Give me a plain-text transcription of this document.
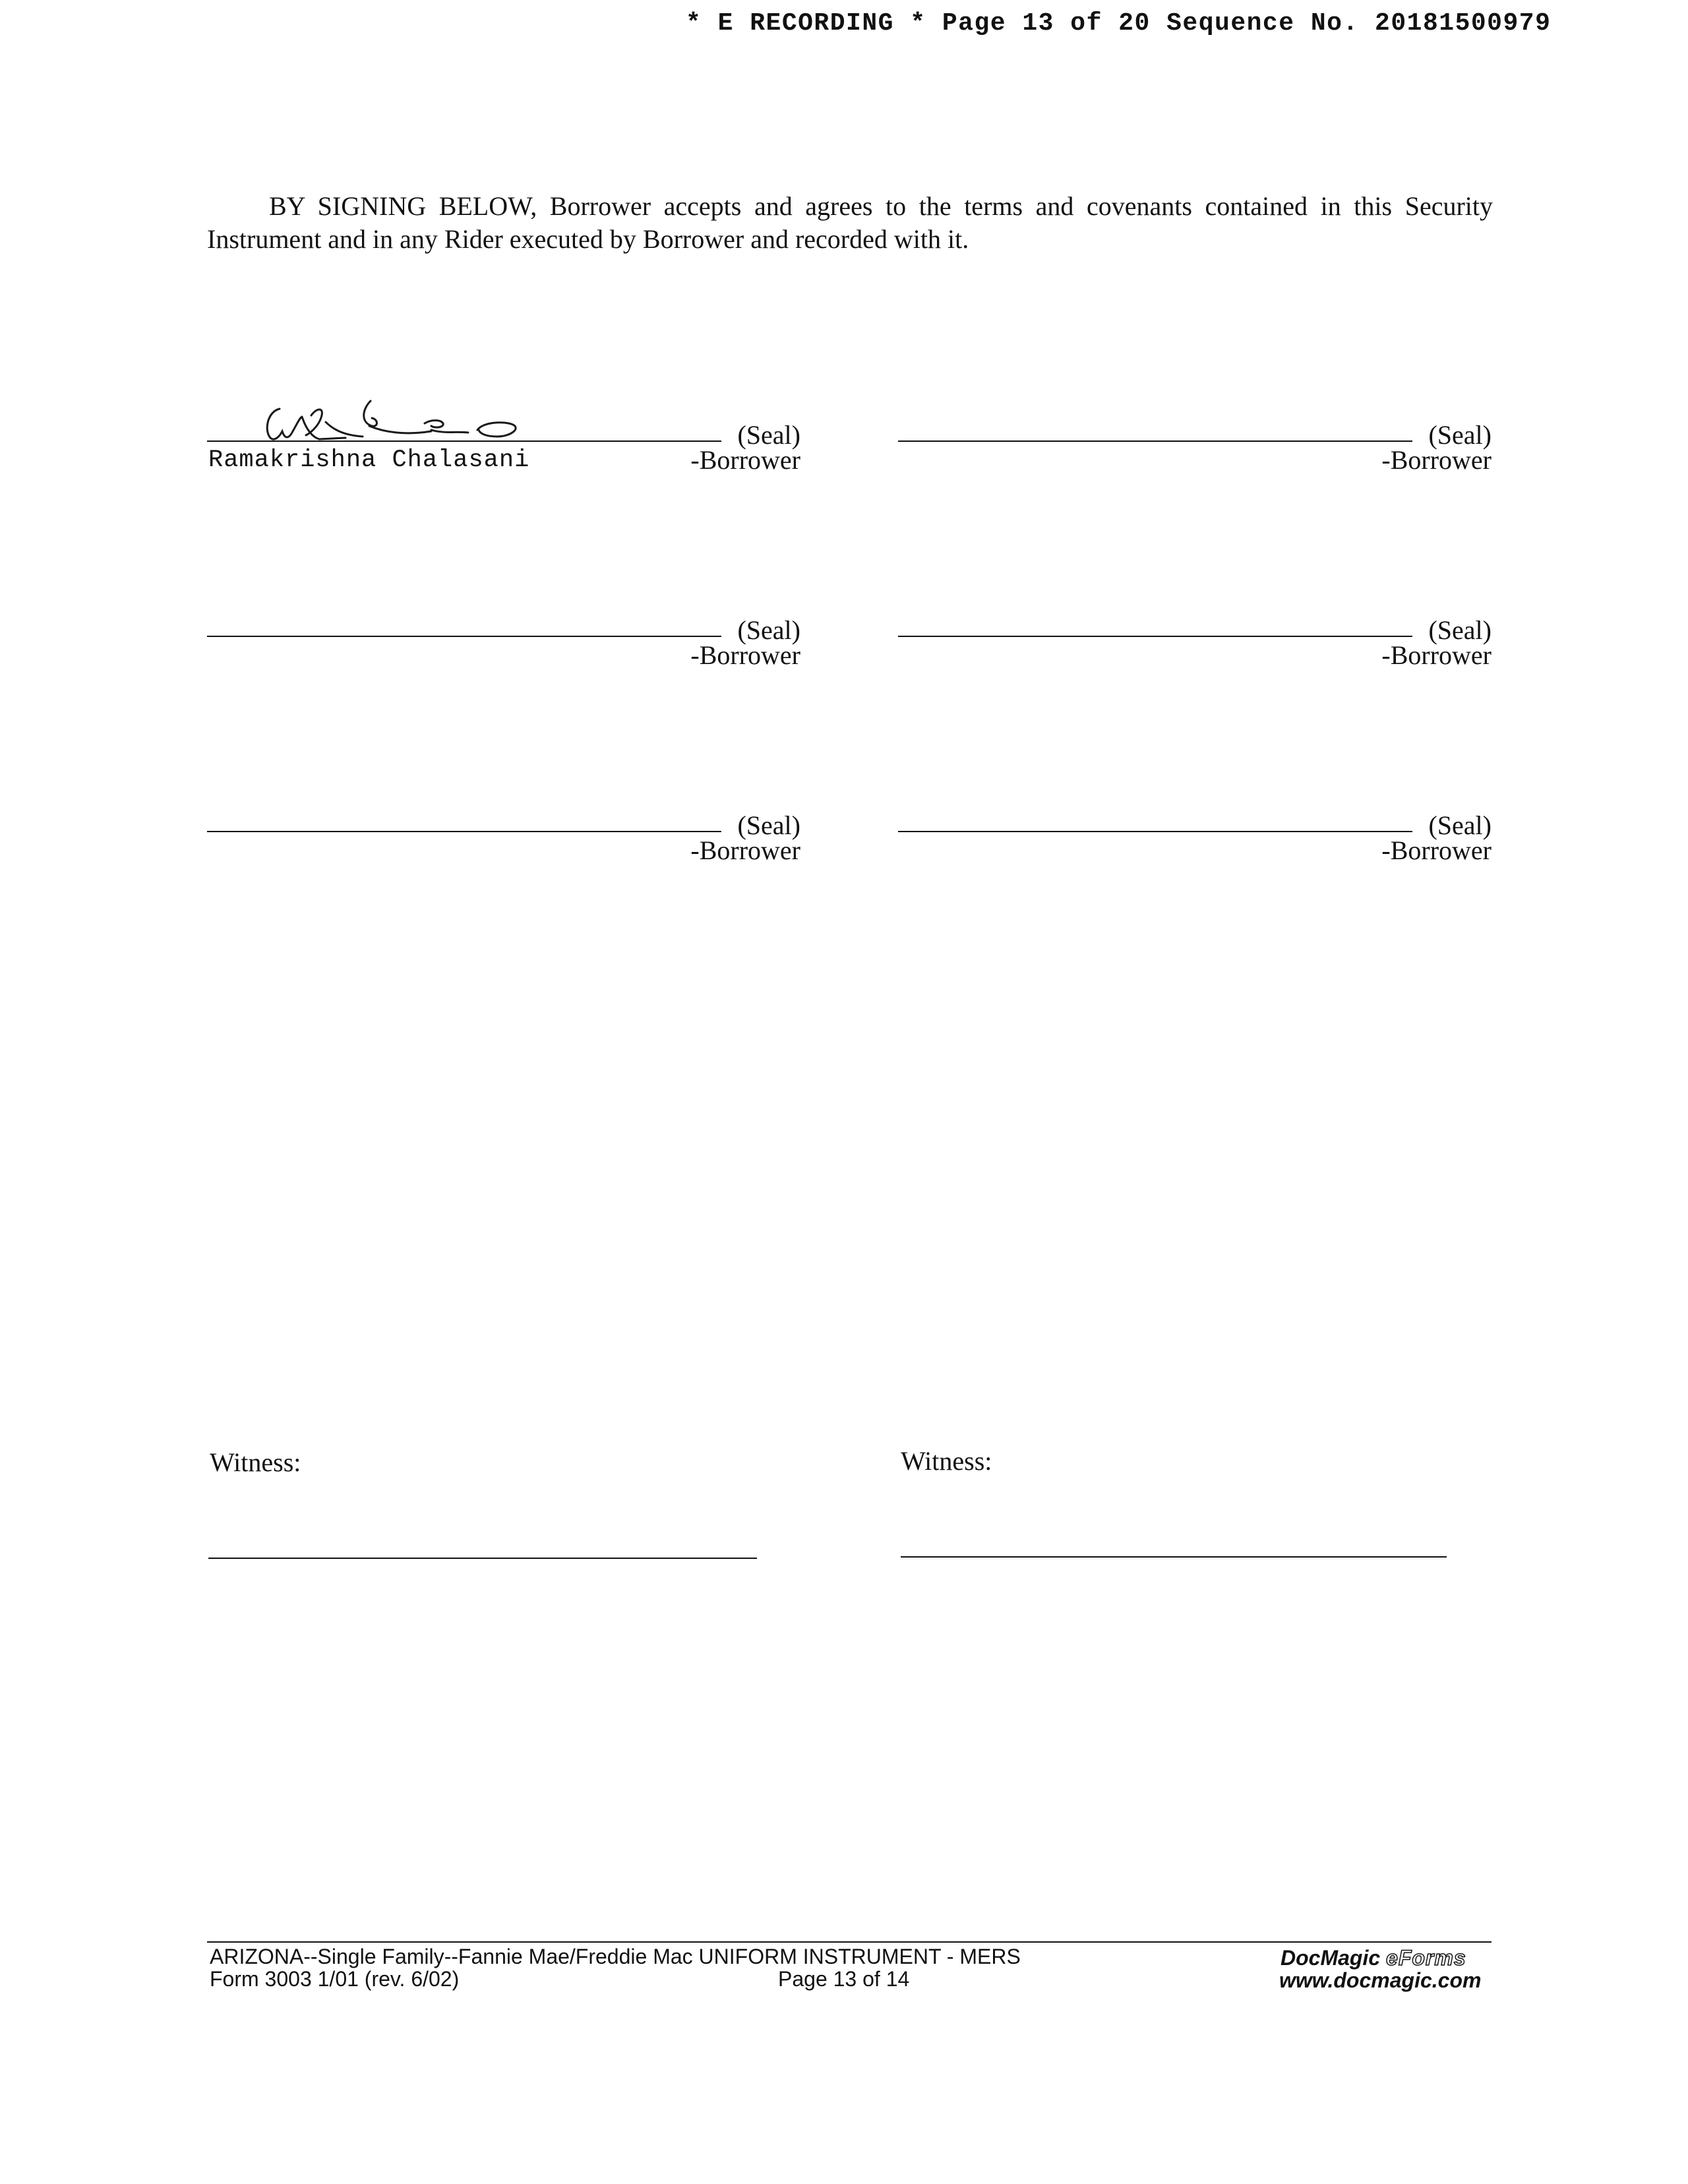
* E RECORDING * Page 13 of 20 Sequence No. 20181500979

BY SIGNING BELOW, Borrower accepts and agrees to the terms and covenants contained in this Security Instrument and in any Rider executed by Borrower and recorded with it.

(Seal)
Ramakrishna Chalasani	-Borrower
(Seal)
-Borrower
(Seal)
-Borrower
(Seal)
-Borrower
(Seal)
-Borrower
(Seal)
-Borrower
Witness:	Witness:
ARIZONA--Single Family--Fannie Mae/Freddie Mac UNIFORM INSTRUMENT - MERS
Form 3003 1/01 (rev. 6/02)	Page 13 of 14
DocMagic eForms
www.docmagic.com
